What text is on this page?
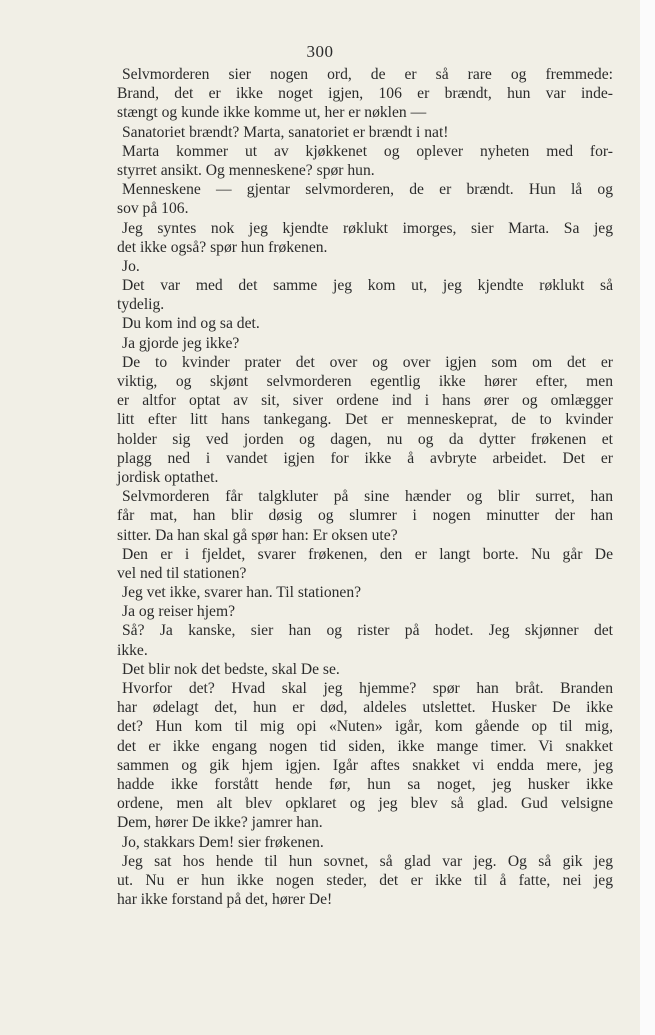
300
Selvmorderen sier nogen ord, de er så rare og fremmede:
Brand, det er ikke noget igjen, 106 er brændt, hun var inde-
stængt og kunde ikke komme ut, her er nøklen —
Sanatoriet brændt? Marta, sanatoriet er brændt i nat!
Marta kommer ut av kjøkkenet og oplever nyheten med for-
styrret ansikt. Og menneskene? spør hun.
Menneskene — gjentar selvmorderen, de er brændt. Hun lå og
sov på 106.
Jeg syntes nok jeg kjendte røklukt imorges, sier Marta. Sa jeg
det ikke også? spør hun frøkenen.
Jo.
Det var med det samme jeg kom ut, jeg kjendte røklukt så
tydelig.
Du kom ind og sa det.
Ja gjorde jeg ikke?
De to kvinder prater det over og over igjen som om det er
viktig, og skjønt selvmorderen egentlig ikke hører efter, men
er altfor optat av sit, siver ordene ind i hans ører og omlægger
litt efter litt hans tankegang. Det er menneskeprat, de to kvinder
holder sig ved jorden og dagen, nu og da dytter frøkenen et
plagg ned i vandet igjen for ikke å avbryte arbeidet. Det er
jordisk optathet.
Selvmorderen får talgkluter på sine hænder og blir surret, han
får mat, han blir døsig og slumrer i nogen minutter der han
sitter. Da han skal gå spør han: Er oksen ute?
Den er i fjeldet, svarer frøkenen, den er langt borte. Nu går De
vel ned til stationen?
Jeg vet ikke, svarer han. Til stationen?
Ja og reiser hjem?
Så? Ja kanske, sier han og rister på hodet. Jeg skjønner det
ikke.
Det blir nok det bedste, skal De se.
Hvorfor det? Hvad skal jeg hjemme? spør han bråt. Branden
har ødelagt det, hun er død, aldeles utslettet. Husker De ikke
det? Hun kom til mig opi «Nuten» igår, kom gående op til mig,
det er ikke engang nogen tid siden, ikke mange timer. Vi snakket
sammen og gik hjem igjen. Igår aftes snakket vi endda mere, jeg
hadde ikke forstått hende før, hun sa noget, jeg husker ikke
ordene, men alt blev opklaret og jeg blev så glad. Gud velsigne
Dem, hører De ikke? jamrer han.
Jo, stakkars Dem! sier frøkenen.
Jeg sat hos hende til hun sovnet, så glad var jeg. Og så gik jeg
ut. Nu er hun ikke nogen steder, det er ikke til å fatte, nei jeg
har ikke forstand på det, hører De!
